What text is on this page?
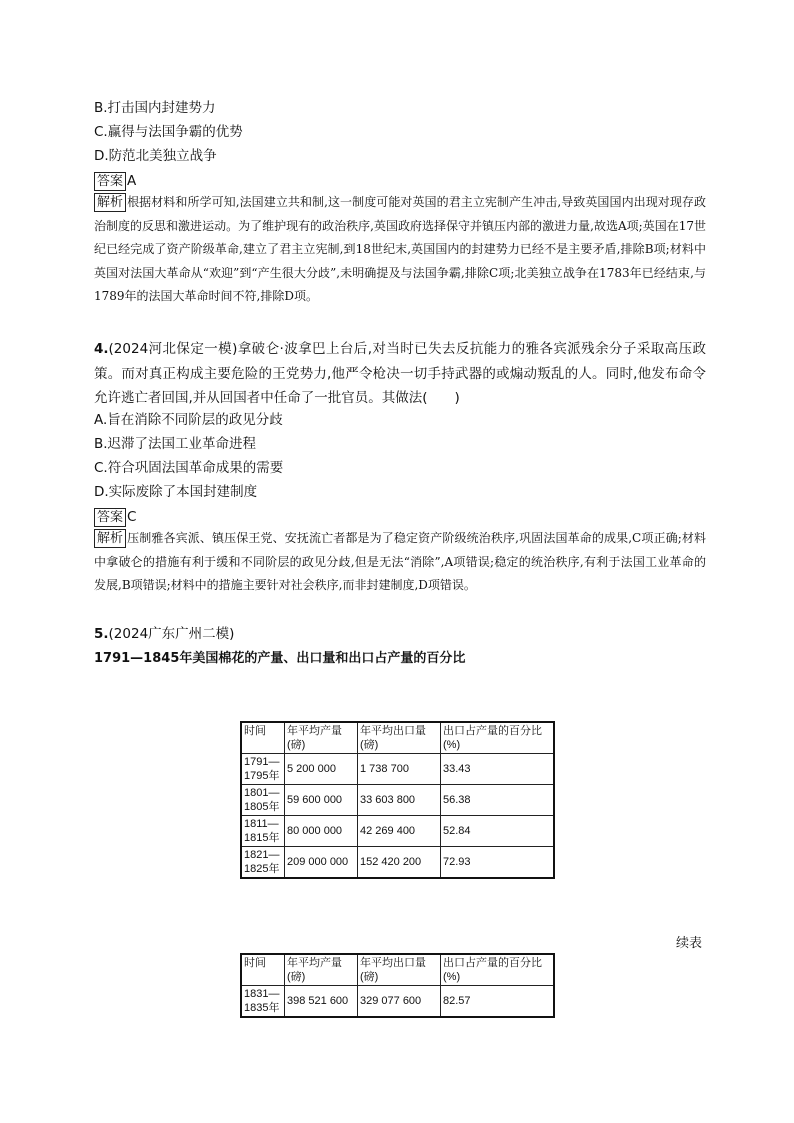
B.打击国内封建势力
C.赢得与法国争霸的优势
D.防范北美独立战争
答案 A
解析 根据材料和所学可知,法国建立共和制,这一制度可能对英国的君主立宪制产生冲击,导致英国国内出现对现存政治制度的反思和激进运动。为了维护现有的政治秩序,英国政府选择保守并镇压内部的激进力量,故选A项;英国在17世纪已经完成了资产阶级革命,建立了君主立宪制,到18世纪末,英国国内的封建势力已经不是主要矛盾,排除B项;材料中英国对法国大革命从“欢迎”到“产生很大分歧”,未明确提及与法国争霸,排除C项;北美独立战争在1783年已经结束,与1789年的法国大革命时间不符,排除D项。
4.(2024河北保定一模)拿破仑·波拿巴上台后,对当时已失去反抗能力的雅各宾派残余分子采取高压政策。而对真正构成主要危险的王党势力,他严令枪决一切手持武器的或煽动叛乱的人。同时,他发布命令允许逃亡者回国,并从回国者中任命了一批官员。其做法(　　)
A.旨在消除不同阶层的政见分歧
B.迟滞了法国工业革命进程
C.符合巩固法国革命成果的需要
D.实际废除了本国封建制度
答案 C
解析 压制雅各宾派、镇压保王党、安抚流亡者都是为了稳定资产阶级统治秩序,巩固法国革命的成果,C项正确;材料中拿破仑的措施有利于缓和不同阶层的政见分歧,但是无法“消除”,A项错误;稳定的统治秩序,有利于法国工业革命的发展,B项错误;材料中的措施主要针对社会秩序,而非封建制度,D项错误。
5.(2024广东广州二模)
1791—1845年美国棉花的产量、出口量和出口占产量的百分比
时间	年平均产量(磅)	年平均出口量(磅)	出口占产量的百分比(%)
1791—1795年	5 200 000	1 738 700	33.43
1801—1805年	59 600 000	33 603 800	56.38
1811—1815年	80 000 000	42 269 400	52.84
1821—1825年	209 000 000	152 420 200	72.93
续表
时间	年平均产量(磅)	年平均出口量(磅)	出口占产量的百分比(%)
1831—1835年	398 521 600	329 077 600	82.57
